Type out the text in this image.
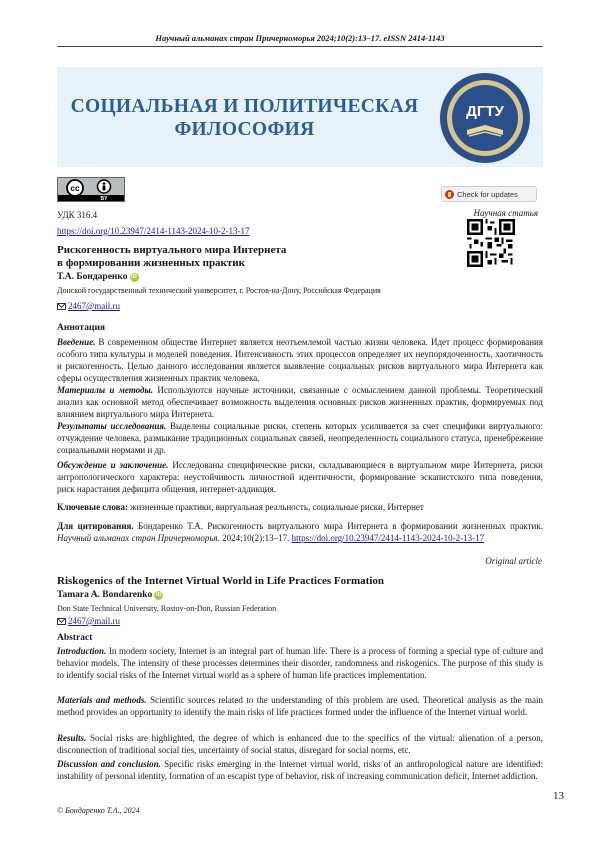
Научный альманах стран Причерноморья 2024;10(2):13–17. eISSN 2414-1143
СОЦИАЛЬНАЯ И ПОЛИТИЧЕСКАЯ
ФИЛОСОФИЯ
ДГТУ
cc
BY
Check for updates
Научная статья
УДК 316.4
https://doi.org/10.23947/2414-1143-2024-10-2-13-17
Рискогенность виртуального мира Интернета
в формировании жизненных практик
Т.А. Бондаренко iD
Донской государственный технический университет, г. Ростов-на-Дону, Российская Федерация
2467@mail.ru
Аннотация
Введение. В современном обществе Интернет является неотъемлемой частью жизни человека. Идет процесс формирования особого типа культуры и моделей поведения. Интенсивность этих процессов определяет их неупорядоченность, хаотичность и рискогенность. Целью данного исследования является выявление социальных рисков виртуального мира Интернета как сферы осуществления жизненных практик человека.
Материалы и методы. Используются научные источники, связанные с осмыслением данной проблемы. Теоретический анализ как основной метод обеспечивает возможность выделения основных рисков жизненных практик, формируемых под влиянием виртуального мира Интернета.
Результаты исследования. Выделены социальные риски, степень которых усиливается за счет специфики виртуального: отчуждение человека, размыкание традиционных социальных связей, неопределенность социального статуса, пренебрежение социальными нормами и др.
Обсуждение и заключение. Исследованы специфические риски, складывающиеся в виртуальном мире Интернета, риски антропологического характера: неустойчивость личностной идентичности, формирование эскапистского типа поведения, риск нарастания дефицита общения, интернет-аддикция.
Ключевые слова: жизненные практики, виртуальная реальность, социальные риски, Интернет
Для цитирования. Бондаренко Т.А. Рискогенность виртуального мира Интернета в формировании жизненных практик. Научный альманах стран Причерноморья. 2024;10(2):13–17. https://doi.org/10.23947/2414-1143-2024-10-2-13-17
Original article
Riskogenics of the Internet Virtual World in Life Practices Formation
Tamara A. Bondarenko iD
Don State Technical University, Rostov-on-Don, Russian Federation
2467@mail.ru
Abstract
Introduction. In modern society, Internet is an integral part of human life. There is a process of forming a special type of culture and behavior models. The intensity of these processes determines their disorder, randomness and riskogenics. The purpose of this study is to identify social risks of the Internet virtual world as a sphere of human life practices implementation.
Materials and methods. Scientific sources related to the understanding of this problem are used. Theoretical analysis as the main method provides an opportunity to identify the main risks of life practices formed under the influence of the Internet virtual world.
Results. Social risks are highlighted, the degree of which is enhanced due to the specifics of the virtual: alienation of a person, disconnection of traditional social ties, uncertainty of social status, disregard for social norms, etc.
Discussion and conclusion. Specific risks emerging in the Internet virtual world, risks of an anthropological nature are identified: instability of personal identity, formation of an escapist type of behavior, risk of increasing communication deficit, Internet addiction.
13
© Бондаренко Т.А., 2024
